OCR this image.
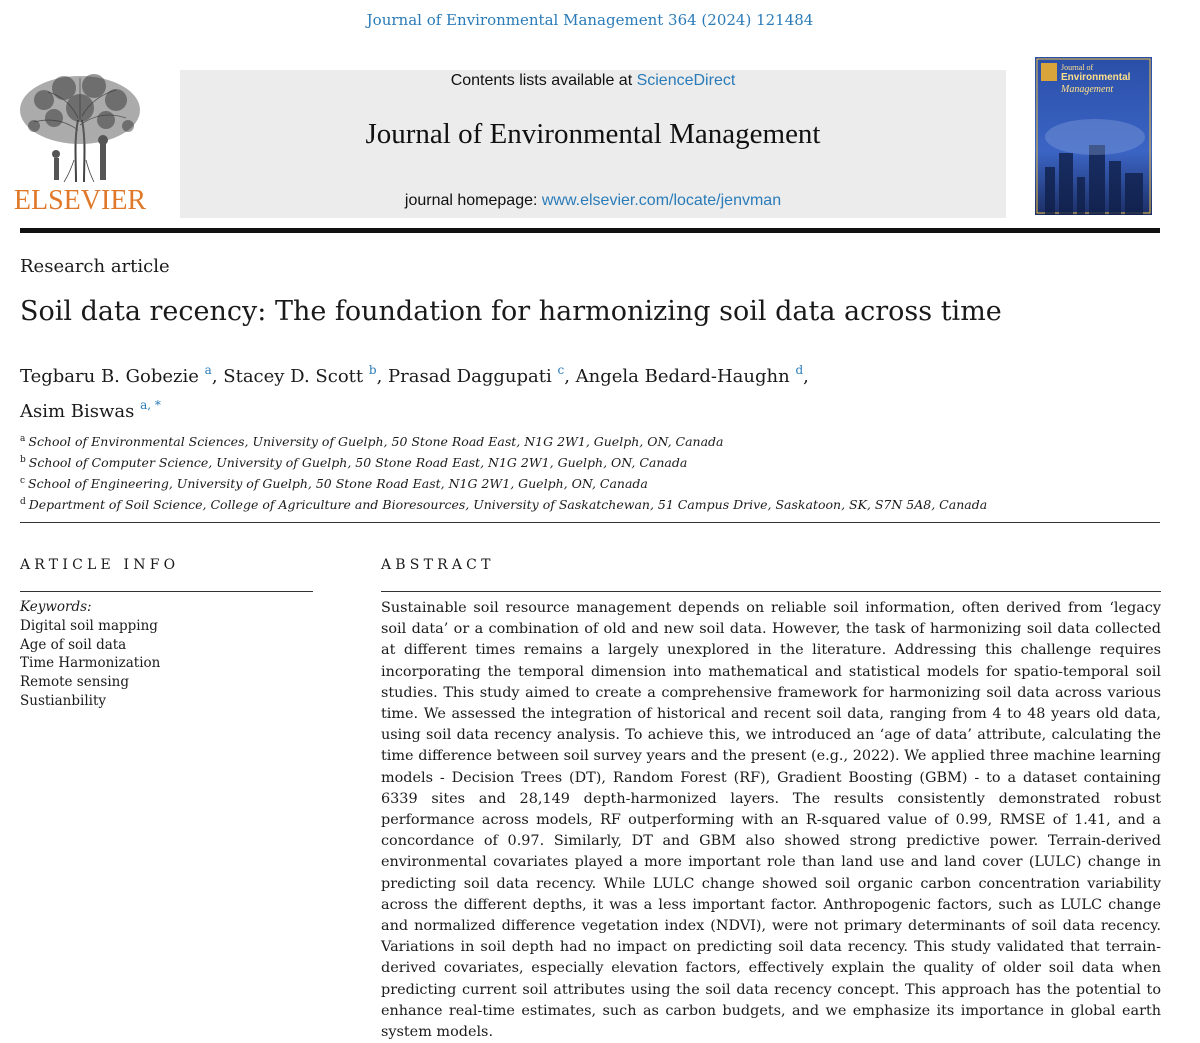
Journal of Environmental Management 364 (2024) 121484
ELSEVIER
Contents lists available at ScienceDirect
Journal of Environmental Management
journal homepage: www.elsevier.com/locate/jenvman
Journal of
Environmental
Management
Research article
Soil data recency: The foundation for harmonizing soil data across time
Tegbaru B. Gobezie $^a$, Stacey D. Scott $^b$, Prasad Daggupati $^c$, Angela Bedard-Haughn $^d$,
Asim Biswas $^{a, *}$
$^a$ School of Environmental Sciences, University of Guelph, 50 Stone Road East, N1G 2W1, Guelph, ON, Canada
$^b$ School of Computer Science, University of Guelph, 50 Stone Road East, N1G 2W1, Guelph, ON, Canada
$^c$ School of Engineering, University of Guelph, 50 Stone Road East, N1G 2W1, Guelph, ON, Canada
$^d$ Department of Soil Science, College of Agriculture and Bioresources, University of Saskatchewan, 51 Campus Drive, Saskatoon, SK, S7N 5A8, Canada
ARTICLE INFO	ABSTRACT
Keywords:
Digital soil mapping
Age of soil data
Time Harmonization
Remote sensing
Sustianbility

Sustainable soil resource management depends on reliable soil information, often derived from ‘legacy soil data’ or a combination of old and new soil data. However, the task of harmonizing soil data collected at different times remains a largely unexplored in the literature. Addressing this challenge requires incorporating the temporal dimension into mathematical and statistical models for spatio-temporal soil studies. This study aimed to create a comprehensive framework for harmonizing soil data across various time. We assessed the integration of historical and recent soil data, ranging from 4 to 48 years old data, using soil data recency analysis. To achieve this, we introduced an ‘age of data’ attribute, calculating the time difference between soil survey years and the present (e.g., 2022). We applied three machine learning models - Decision Trees (DT), Random Forest (RF), Gradient Boosting (GBM) - to a dataset containing 6339 sites and 28,149 depth-harmonized layers. The results consistently demonstrated robust performance across models, RF outperforming with an R-squared value of 0.99, RMSE of 1.41, and a concordance of 0.97. Similarly, DT and GBM also showed strong predictive power. Terrain-derived environmental covariates played a more important role than land use and land cover (LULC) change in predicting soil data recency. While LULC change showed soil organic carbon concentration variability across the different depths, it was a less important factor. Anthropogenic factors, such as LULC change and normalized difference vegetation index (NDVI), were not primary determinants of soil data recency. Variations in soil depth had no impact on predicting soil data recency. This study validated that terrain-derived covariates, especially elevation factors, effectively explain the quality of older soil data when predicting current soil attributes using the soil data recency concept. This approach has the potential to enhance real-time estimates, such as carbon budgets, and we emphasize its importance in global earth system models.
